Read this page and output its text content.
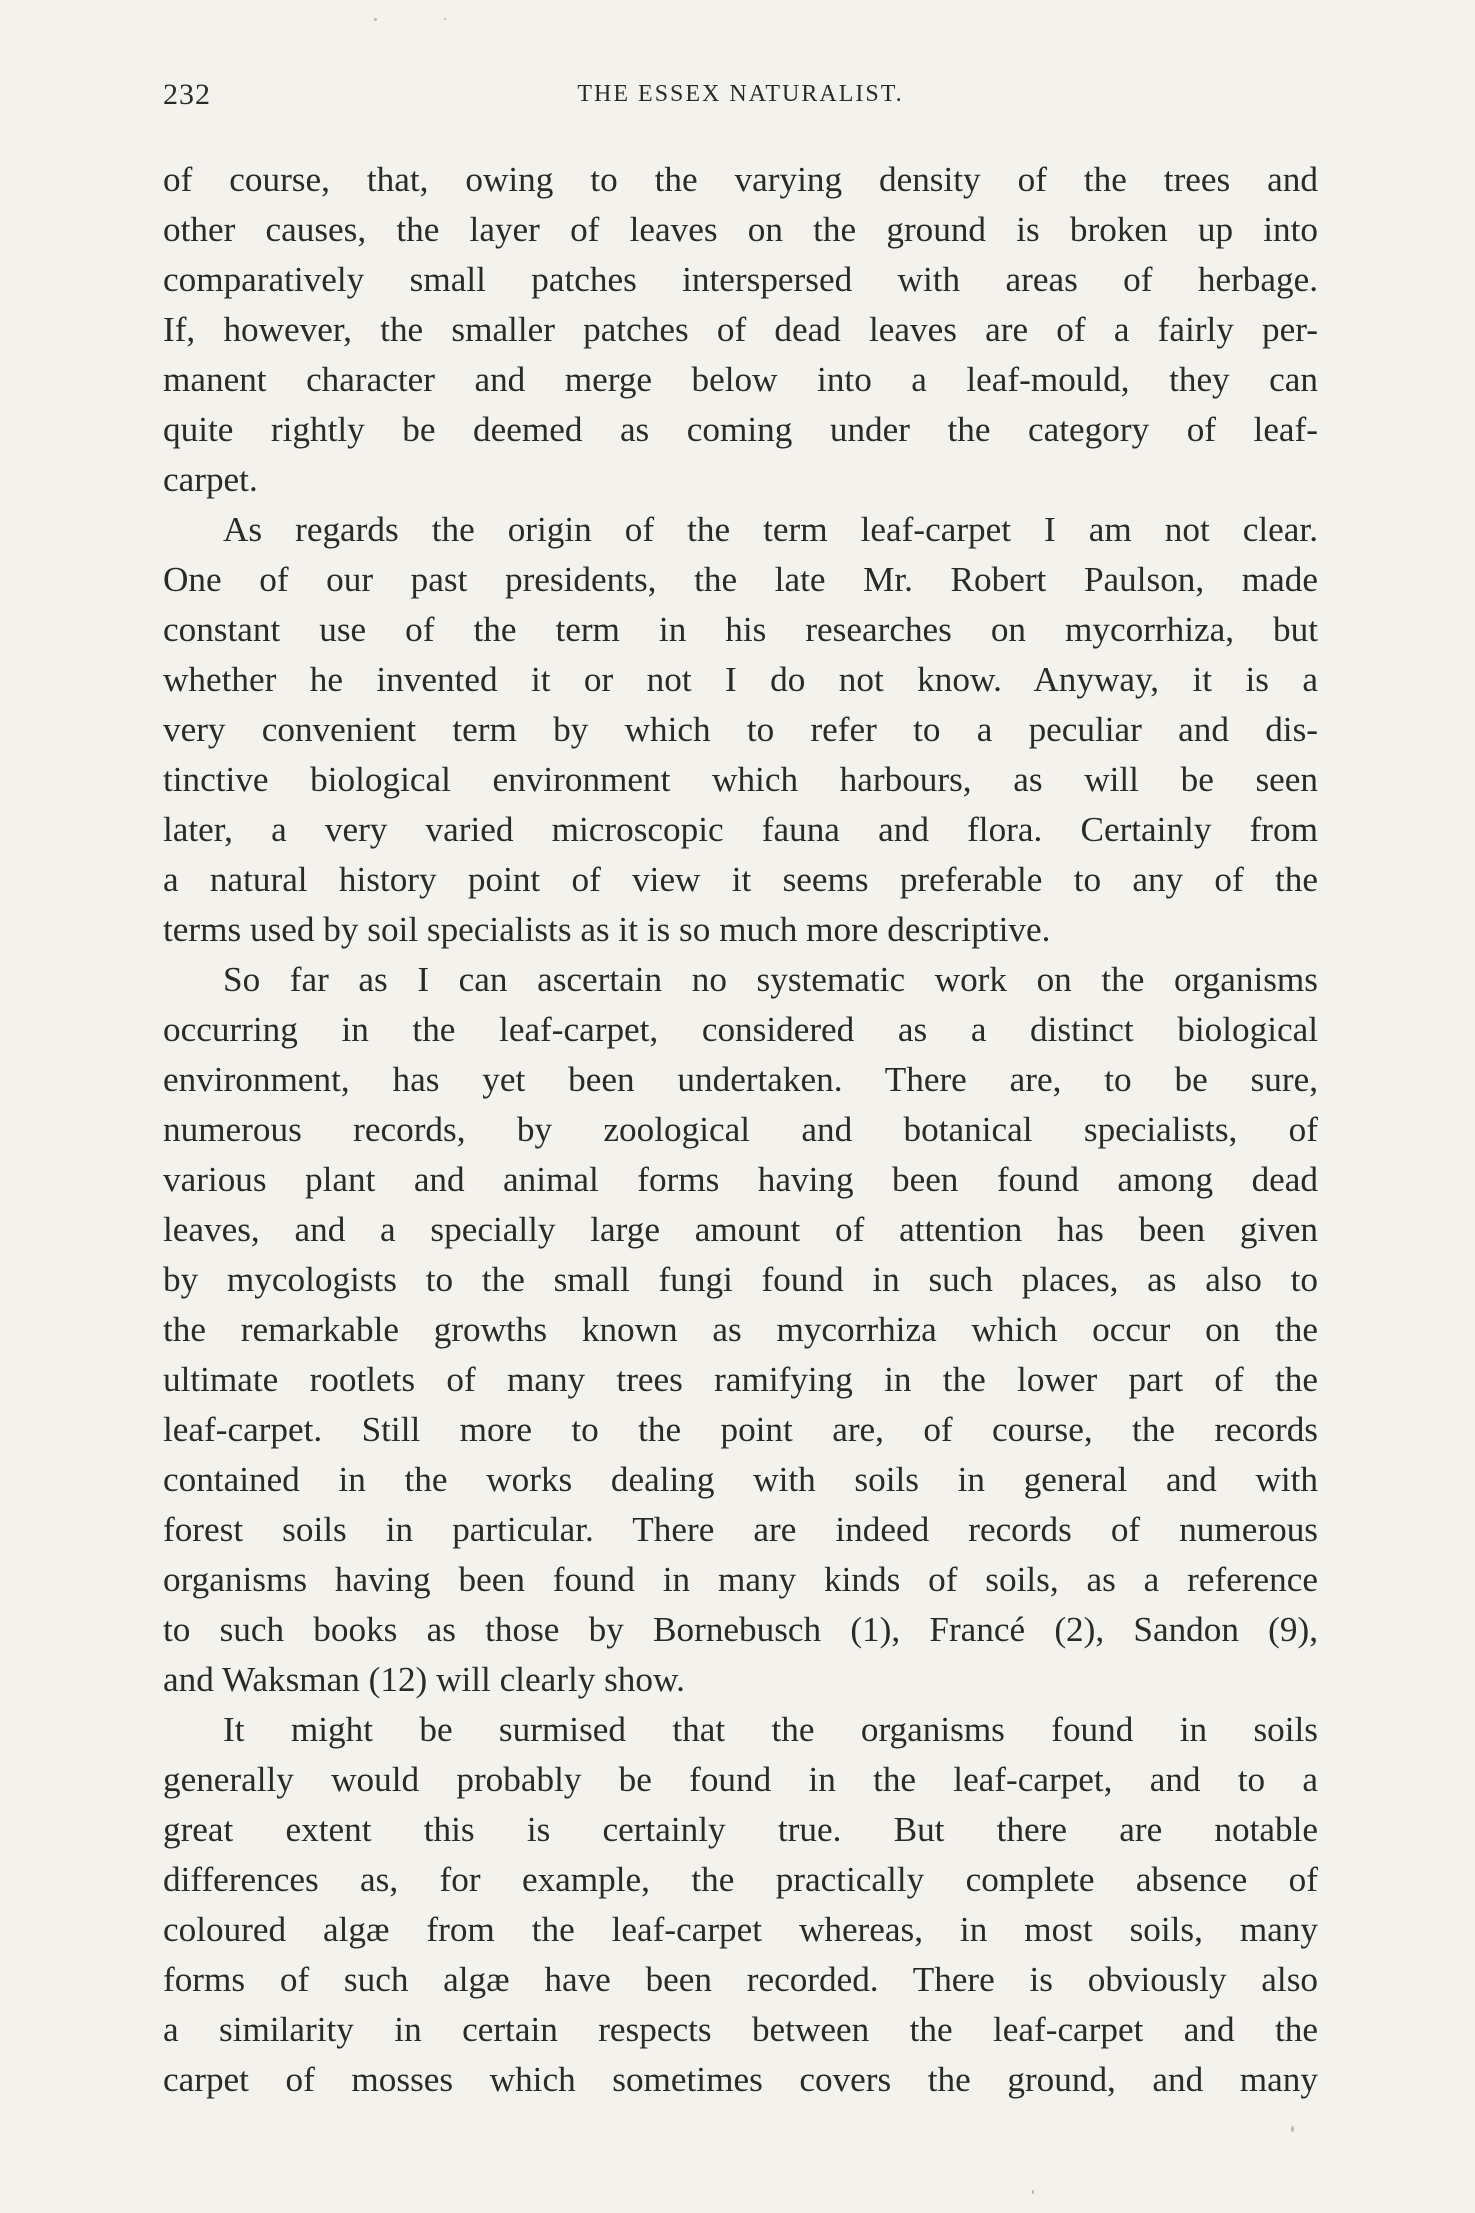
232	THE ESSEX NATURALIST.
of course, that, owing to the varying density of the trees and
other causes, the layer of leaves on the ground is broken up into
comparatively small patches interspersed with areas of herbage.
If, however, the smaller patches of dead leaves are of a fairly per-
manent character and merge below into a leaf-mould, they can
quite rightly be deemed as coming under the category of leaf-
carpet.
As regards the origin of the term leaf-carpet I am not clear.
One of our past presidents, the late Mr. Robert Paulson, made
constant use of the term in his researches on mycorrhiza, but
whether he invented it or not I do not know. Anyway, it is a
very convenient term by which to refer to a peculiar and dis-
tinctive biological environment which harbours, as will be seen
later, a very varied microscopic fauna and flora. Certainly from
a natural history point of view it seems preferable to any of the
terms used by soil specialists as it is so much more descriptive.
So far as I can ascertain no systematic work on the organisms
occurring in the leaf-carpet, considered as a distinct biological
environment, has yet been undertaken. There are, to be sure,
numerous records, by zoological and botanical specialists, of
various plant and animal forms having been found among dead
leaves, and a specially large amount of attention has been given
by mycologists to the small fungi found in such places, as also to
the remarkable growths known as mycorrhiza which occur on the
ultimate rootlets of many trees ramifying in the lower part of the
leaf-carpet. Still more to the point are, of course, the records
contained in the works dealing with soils in general and with
forest soils in particular. There are indeed records of numerous
organisms having been found in many kinds of soils, as a reference
to such books as those by Bornebusch (1), Francé (2), Sandon (9),
and Waksman (12) will clearly show.
It might be surmised that the organisms found in soils
generally would probably be found in the leaf-carpet, and to a
great extent this is certainly true. But there are notable
differences as, for example, the practically complete absence of
coloured algæ from the leaf-carpet whereas, in most soils, many
forms of such algæ have been recorded. There is obviously also
a similarity in certain respects between the leaf-carpet and the
carpet of mosses which sometimes covers the ground, and many
